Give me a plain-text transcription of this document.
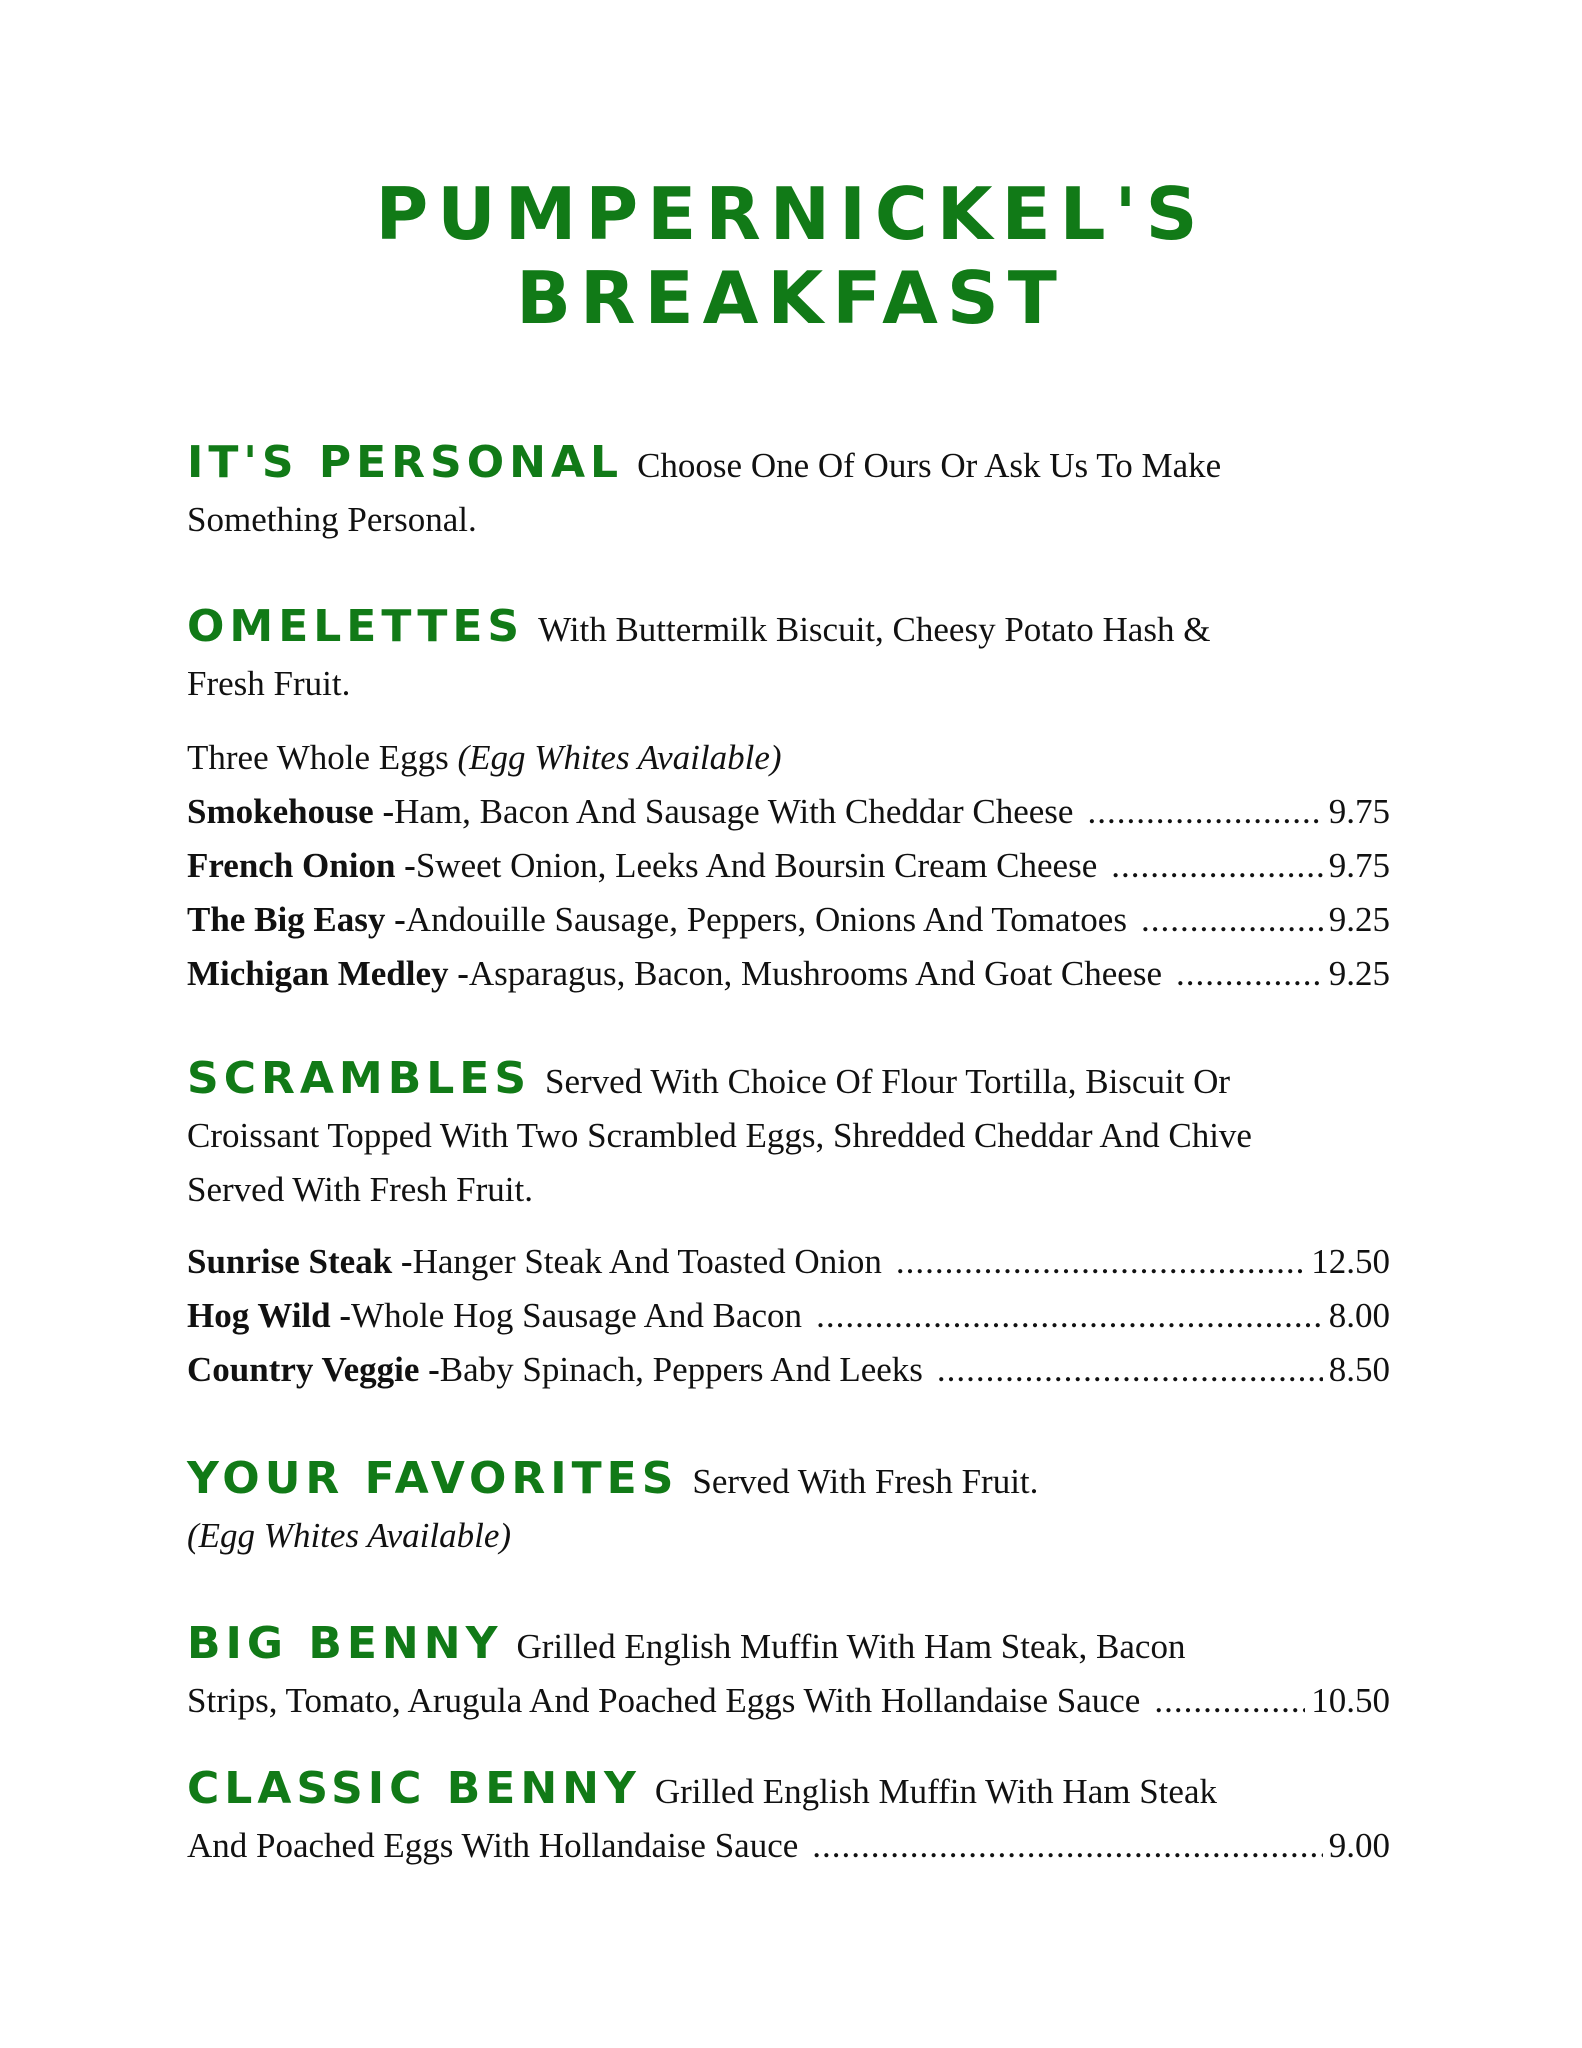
PUMPERNICKEL'S
BREAKFAST
IT'S PERSONAL Choose One Of Ours Or Ask Us To Make
Something Personal.
OMELETTES With Buttermilk Biscuit, Cheesy Potato Hash &
Fresh Fruit.
Three Whole Eggs (Egg Whites Available)
Smokehouse - Ham, Bacon And Sausage With Cheddar Cheese .....	9.75
French Onion - Sweet Onion, Leeks And Boursin Cream Cheese .....	9.75
The Big Easy - Andouille Sausage, Peppers, Onions And Tomatoes .....	9.25
Michigan Medley - Asparagus, Bacon, Mushrooms And Goat Cheese .....	9.25
SCRAMBLES Served With Choice Of Flour Tortilla, Biscuit Or
Croissant Topped With Two Scrambled Eggs, Shredded Cheddar And Chive
Served With Fresh Fruit.
Sunrise Steak - Hanger Steak And Toasted Onion .....	12.50
Hog Wild - Whole Hog Sausage And Bacon .....	8.00
Country Veggie - Baby Spinach, Peppers And Leeks .....	8.50
YOUR FAVORITES Served With Fresh Fruit.
(Egg Whites Available)
BIG BENNY Grilled English Muffin With Ham Steak, Bacon
Strips, Tomato, Arugula And Poached Eggs With Hollandaise Sauce .....	10.50
CLASSIC BENNY Grilled English Muffin With Ham Steak
And Poached Eggs With Hollandaise Sauce .....	9.00
